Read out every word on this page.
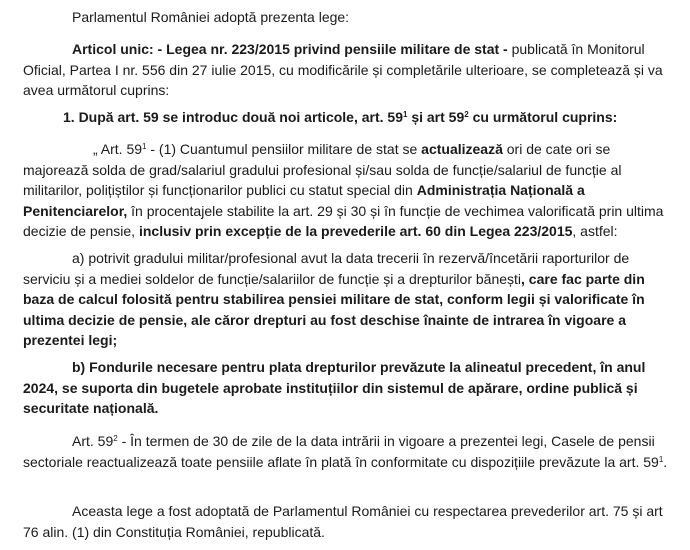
Parlamentul României adoptă prezenta lege:

Articol unic: - Legea nr. 223/2015 privind pensiile militare de stat - publicată în Monitorul Oficial, Partea I nr. 556 din 27 iulie 2015, cu modificările și completările ulterioare, se completează și va avea următorul cuprins:

1. După art. 59 se introduc două noi articole, art. $59^1$ și art $59^2$ cu următorul cuprins:

„ Art. $59^1 - (1)$ Cuantumul pensiilor militare de stat se actualizează ori de cate ori se majorează solda de grad/salariul gradului profesional și/sau solda de funcție/salariul de funcție al militarilor, polițiștilor și funcționarilor publici cu statut special din Administrația Națională a Penitenciarelor, în procentajele stabilite la art. 29 și 30 și în funcție de vechimea valorificată prin ultima decizie de pensie, inclusiv prin excepție de la prevederile art. 60 din Legea 223/2015, astfel:

a) potrivit gradului militar/profesional avut la data trecerii în rezervă/încetării raporturilor de serviciu și a mediei soldelor de funcție/salariilor de funcție și a drepturilor bănești, care fac parte din baza de calcul folosită pentru stabilirea pensiei militare de stat, conform legii și valorificate în ultima decizie de pensie, ale căror drepturi au fost deschise înainte de intrarea în vigoare a prezentei legi;

b) Fondurile necesare pentru plata drepturilor prevăzute la alineatul precedent, în anul 2024, se suporta din bugetele aprobate instituțiilor din sistemul de apărare, ordine publică și securitate națională.

Art. $59^2$ - În termen de 30 de zile de la data intrării in vigoare a prezentei legi, Casele de pensii sectoriale reactualizează toate pensiile aflate în plată în conformitate cu dispozițiile prevăzute la art. $59^1$.

Aceasta lege a fost adoptată de Parlamentul României cu respectarea prevederilor art. 75 și art 76 alin. (1) din Constituția României, republicată.
